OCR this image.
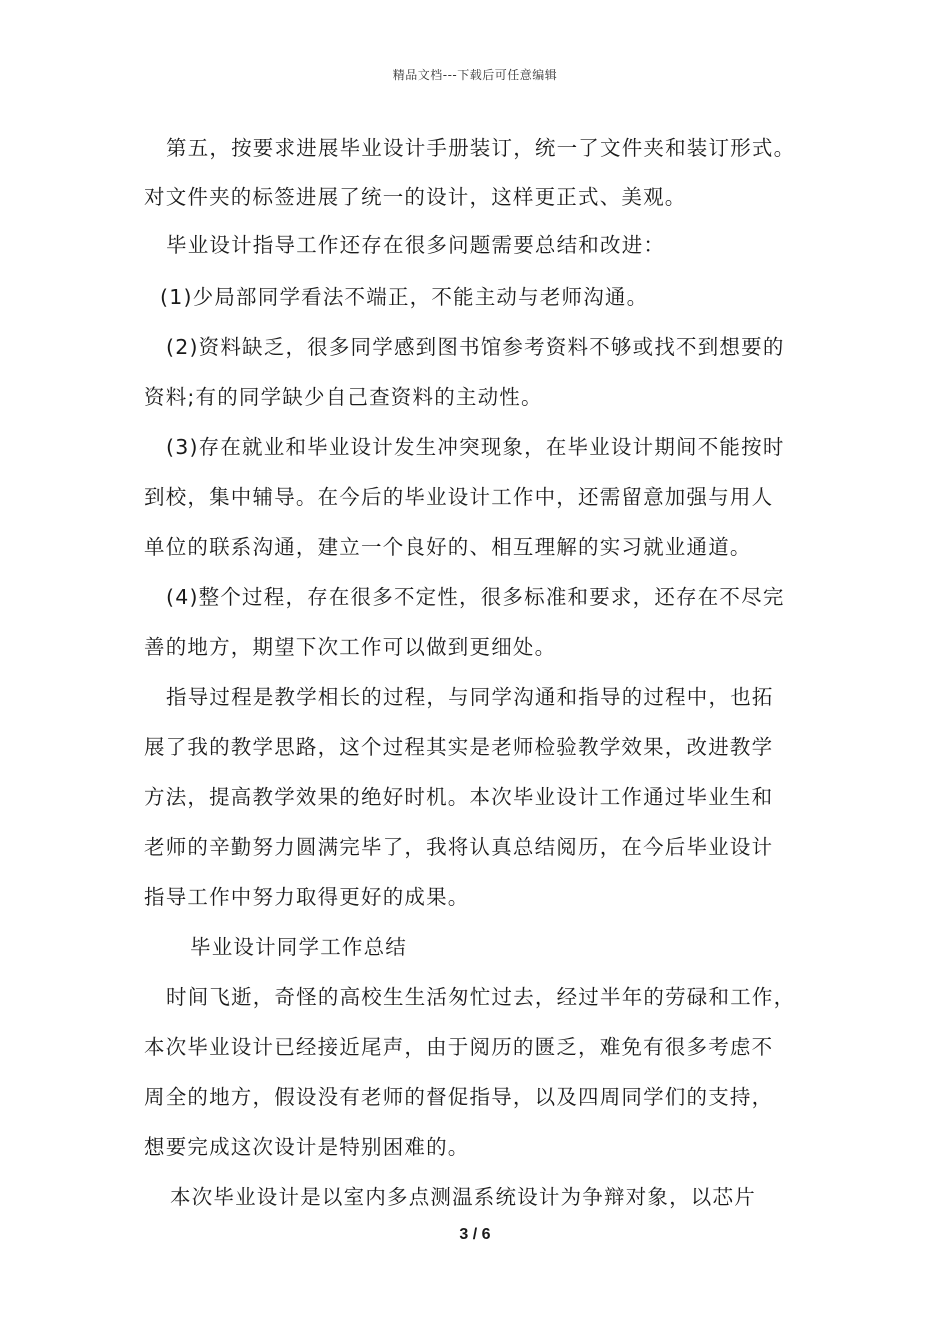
精品文档---下载后可任意编辑
第五，按要求进展毕业设计手册装订，统一了文件夹和装订形式。
对文件夹的标签进展了统一的设计，这样更正式、美观。
毕业设计指导工作还存在很多问题需要总结和改进：
(1)少局部同学看法不端正，不能主动与老师沟通。
(2)资料缺乏，很多同学感到图书馆参考资料不够或找不到想要的
资料;有的同学缺少自己查资料的主动性。
(3)存在就业和毕业设计发生冲突现象，在毕业设计期间不能按时
到校，集中辅导。在今后的毕业设计工作中，还需留意加强与用人
单位的联系沟通，建立一个良好的、相互理解的实习就业通道。
(4)整个过程，存在很多不定性，很多标准和要求，还存在不尽完
善的地方，期望下次工作可以做到更细处。
指导过程是教学相长的过程，与同学沟通和指导的过程中，也拓
展了我的教学思路，这个过程其实是老师检验教学效果，改进教学
方法，提高教学效果的绝好时机。本次毕业设计工作通过毕业生和
老师的辛勤努力圆满完毕了，我将认真总结阅历，在今后毕业设计
指导工作中努力取得更好的成果。
毕业设计同学工作总结
时间飞逝，奇怪的高校生生活匆忙过去，经过半年的劳碌和工作，
本次毕业设计已经接近尾声，由于阅历的匮乏，难免有很多考虑不
周全的地方，假设没有老师的督促指导，以及四周同学们的支持，
想要完成这次设计是特别困难的。
本次毕业设计是以室内多点测温系统设计为争辩对象，以芯片
3 / 6
